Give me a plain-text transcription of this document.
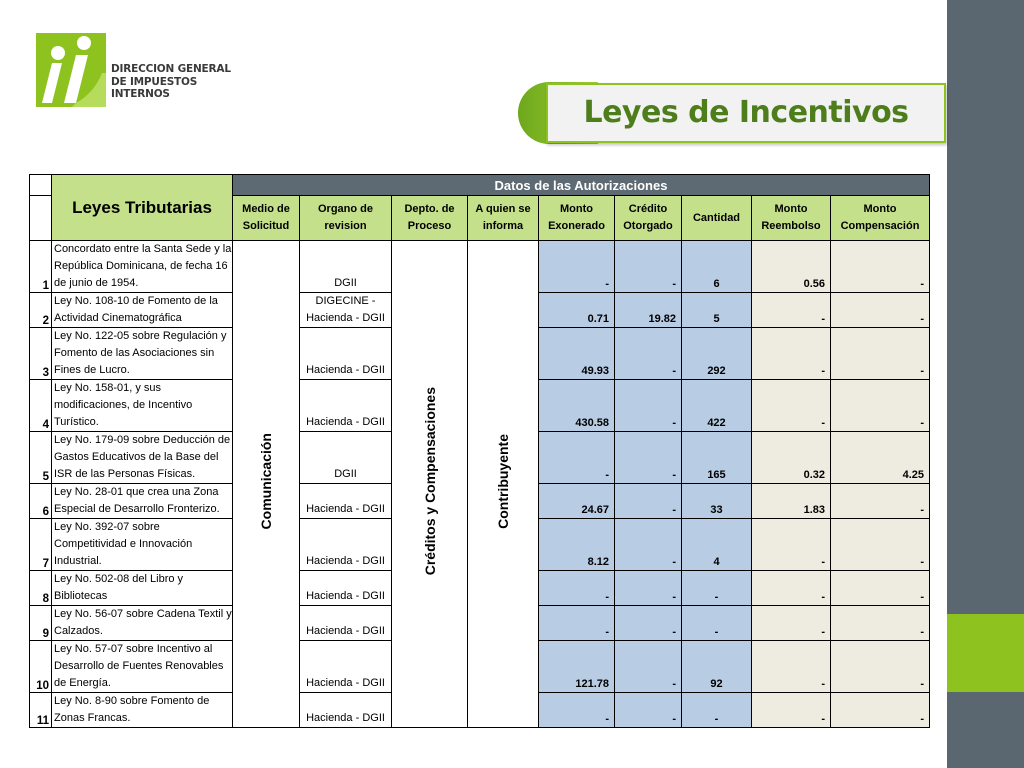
DIRECCION GENERAL
DE IMPUESTOS
INTERNOS
Leyes de Incentivos
	Leyes Tributarias	Datos de las Autorizaciones								
		Medio de Solicitud	Organo de revision	Depto. de Proceso	A quien se informa	Monto Exonerado	Crédito Otorgado	Cantidad	Monto Reembolso	Monto Compensación
1	Concordato entre la Santa Sede y la República Dominicana, de fecha 16 de junio de 1954.	Comunicación	DGII	Créditos y Compensaciones	Contribuyente	-	-	6	0.56	-
2	Ley No. 108-10 de Fomento de la Actividad Cinematográfica		DIGECINE - Hacienda - DGII			0.71	19.82	5	-	-
3	Ley No. 122-05 sobre Regulación y Fomento de las Asociaciones sin Fines de Lucro.		Hacienda - DGII			49.93	-	292	-	-
4	Ley No. 158-01, y sus modificaciones, de Incentivo Turístico.		Hacienda - DGII			430.58	-	422	-	-
5	Ley No. 179-09 sobre Deducción de Gastos Educativos de la Base del ISR de las Personas Físicas.		DGII			-	-	165	0.32	4.25
6	Ley No. 28-01 que crea una Zona Especial de Desarrollo Fronterizo.		Hacienda - DGII			24.67	-	33	1.83	-
7	Ley No. 392-07 sobre Competitividad e Innovación Industrial.		Hacienda - DGII			8.12	-	4	-	-
8	Ley No. 502-08 del Libro y Bibliotecas		Hacienda - DGII			-	-	-	-	-
9	Ley No. 56-07 sobre Cadena Textil y Calzados.		Hacienda - DGII			-	-	-	-	-
10	Ley No. 57-07 sobre Incentivo al Desarrollo de Fuentes Renovables de Energía.		Hacienda - DGII			121.78	-	92	-	-
11	Ley No. 8-90 sobre Fomento de Zonas Francas.		Hacienda - DGII			-	-	-	-	-
